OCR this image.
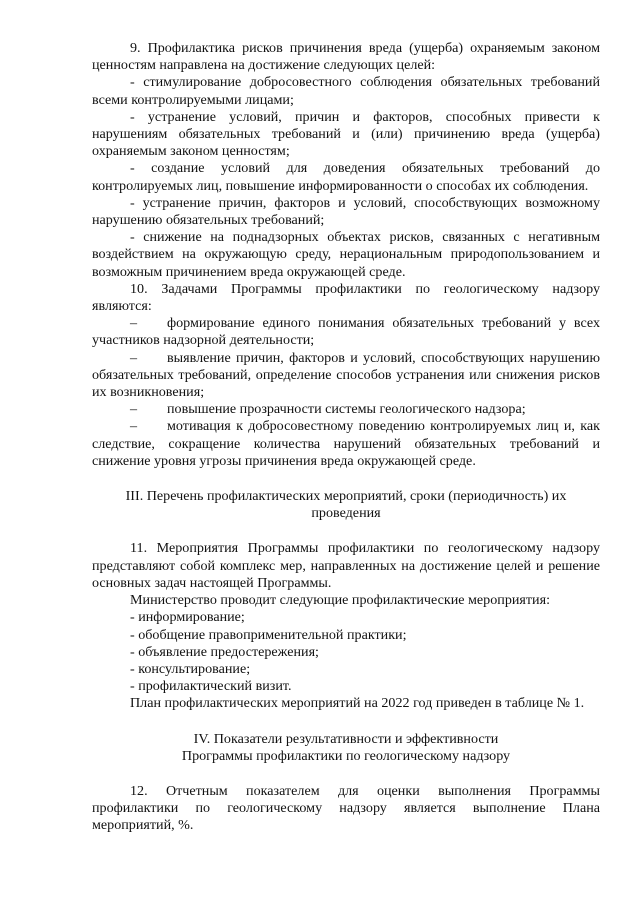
9. Профилактика рисков причинения вреда (ущерба) охраняемым законом ценностям направлена на достижение следующих целей:

- стимулирование добросовестного соблюдения обязательных требований всеми контролируемыми лицами;

- устранение условий, причин и факторов, способных привести к нарушениям обязательных требований и (или) причинению вреда (ущерба) охраняемым законом ценностям;

- создание условий для доведения обязательных требований до контролируемых лиц, повышение информированности о способах их соблюдения.

- устранение причин, факторов и условий, способствующих возможному нарушению обязательных требований;

- снижение на поднадзорных объектах рисков, связанных с негативным воздействием на окружающую среду, нерациональным природопользованием и возможным причинением вреда окружающей среде.

10. Задачами Программы профилактики по геологическому надзору являются:

– формирование единого понимания обязательных требований у всех участников надзорной деятельности;

– выявление причин, факторов и условий, способствующих нарушению обязательных требований, определение способов устранения или снижения рисков их возникновения;

– повышение прозрачности системы геологического надзора;

– мотивация к добросовестному поведению контролируемых лиц и, как следствие, сокращение количества нарушений обязательных требований и снижение уровня угрозы причинения вреда окружающей среде.

III. Перечень профилактических мероприятий, сроки (периодичность) их
проведения

11. Мероприятия Программы профилактики по геологическому надзору представляют собой комплекс мер, направленных на достижение целей и решение основных задач настоящей Программы.

Министерство проводит следующие профилактические мероприятия:

- информирование;

- обобщение правоприменительной практики;

- объявление предостережения;

- консультирование;

- профилактический визит.

План профилактических мероприятий на 2022 год приведен в таблице № 1.

IV. Показатели результативности и эффективности
Программы профилактики по геологическому надзору

12. Отчетным показателем для оценки выполнения Программы профилактики по геологическому надзору является выполнение Плана мероприятий, %.
